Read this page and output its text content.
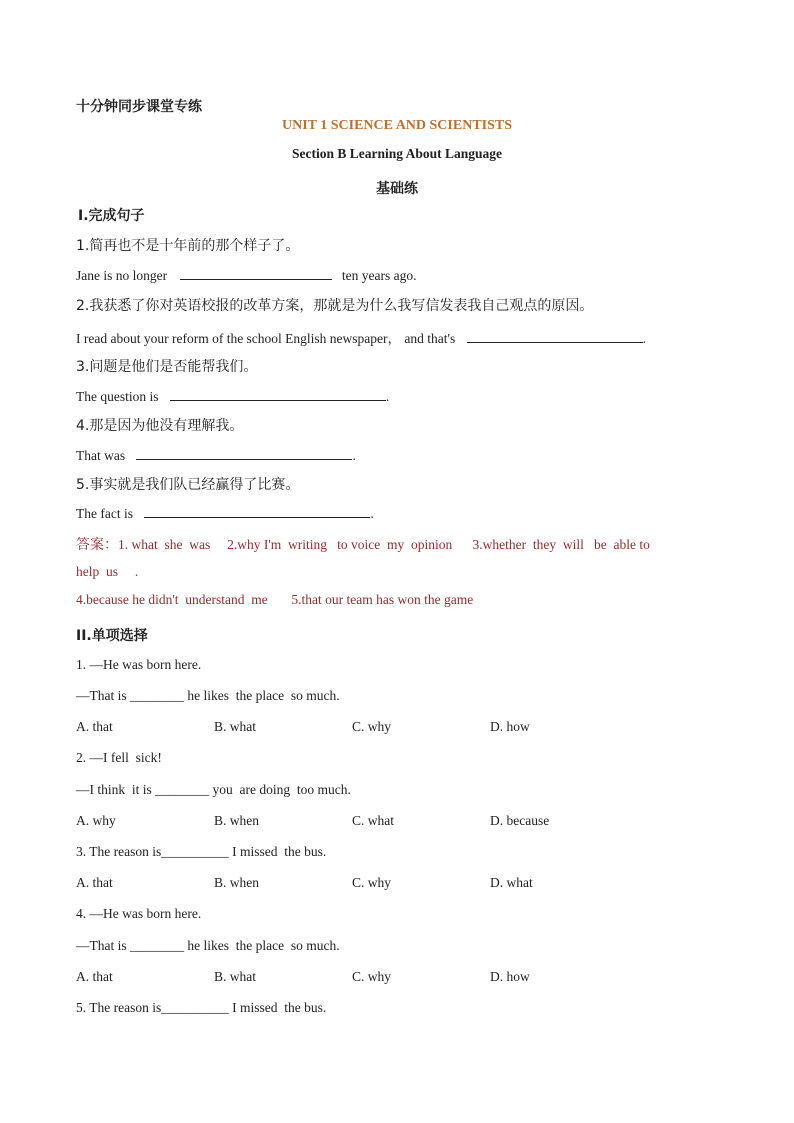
十分钟同步课堂专练
UNIT 1 SCIENCE AND SCIENTISTS
Section B Learning About Language
基础练
Ⅰ.完成句子
1.简再也不是十年前的那个样子了。
Jane is no longer	ten years ago.
2.我获悉了你对英语校报的改革方案，那就是为什么我写信发表我自己观点的原因。
I read about your reform of the school English newspaper， and that's	.
3.问题是他们是否能帮我们。
The question is	.
4.那是因为他没有理解我。
That was	.
5.事实就是我们队已经赢得了比赛。
The fact is	.
答案：1. what  she  was     2.why I'm  writing   to voice  my  opinion      3.whether  they  will   be  able to
help  us     .
4.because he didn't  understand  me       5.that our team has won the game
II.单项选择
1. —He was born here.
—That is ________ he likes  the place  so much.
A. that	B. what	C. why	D. how
2. —I fell  sick!
—I think  it is ________ you  are doing  too much.
A. why	B. when	C. what	D. because
3. The reason is__________ I missed  the bus.
A. that	B. when	C. why	D. what
4. —He was born here.
—That is ________ he likes  the place  so much.
A. that	B. what	C. why	D. how
5. The reason is__________ I missed  the bus.
